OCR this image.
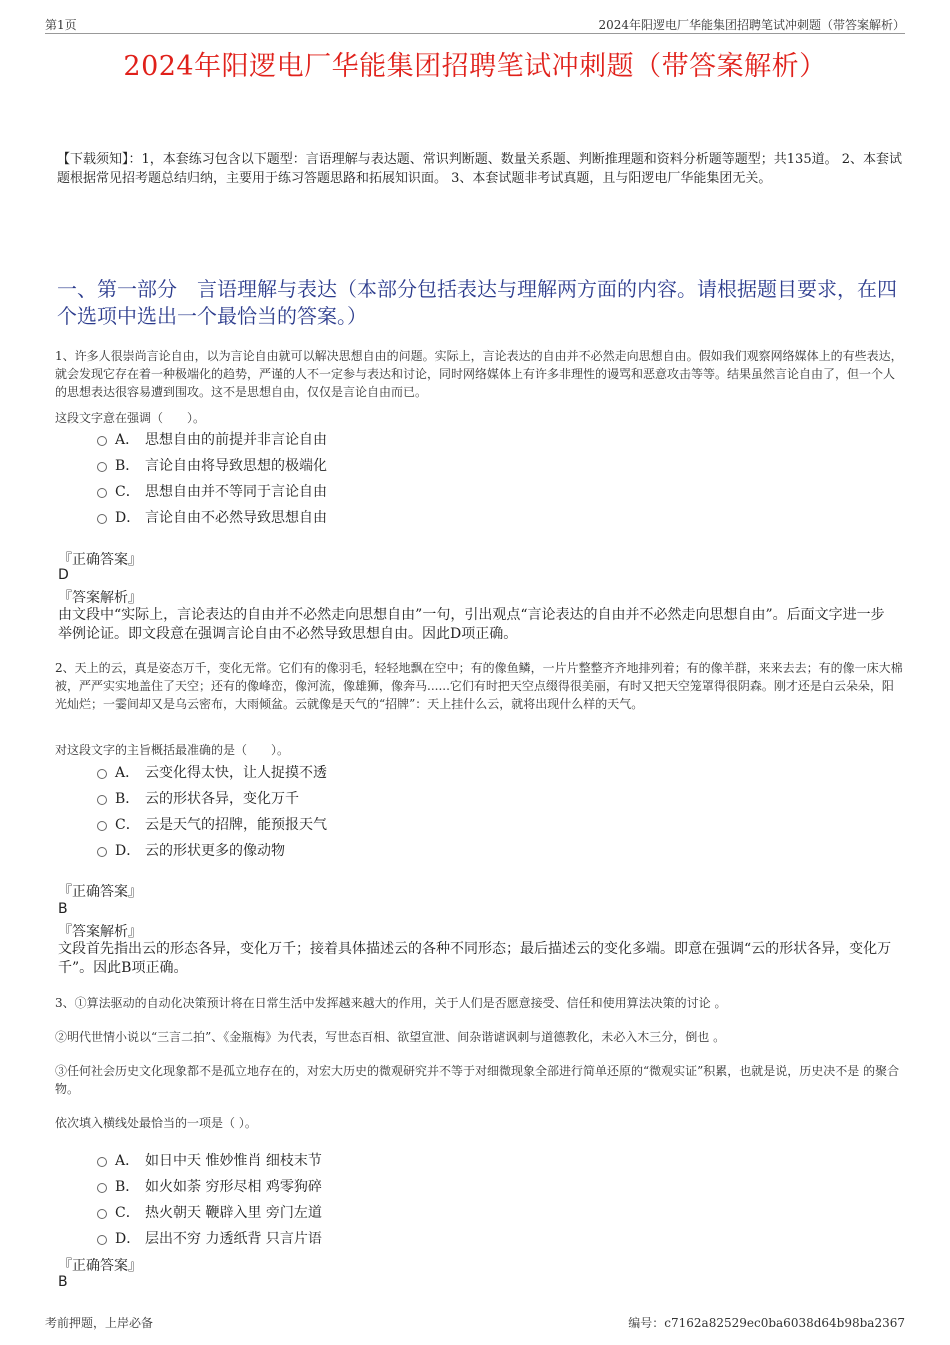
第1页	2024年阳逻电厂华能集团招聘笔试冲刺题（带答案解析）
2024年阳逻电厂华能集团招聘笔试冲刺题（带答案解析）
【下载须知】：1，本套练习包含以下题型：言语理解与表达题、常识判断题、数量关系题、判断推理题和资料分析题等题型；共135道。 2、本套试题根据常见招考题总结归纳，主要用于练习答题思路和拓展知识面。 3、本套试题非考试真题，且与阳逻电厂华能集团无关。
一、第一部分　言语理解与表达（本部分包括表达与理解两方面的内容。请根据题目要求，在四个选项中选出一个最恰当的答案。）
1、许多人很崇尚言论自由，以为言论自由就可以解决思想自由的问题。实际上，言论表达的自由并不必然走向思想自由。假如我们观察网络媒体上的有些表达，就会发现它存在着一种极端化的趋势，严谨的人不一定参与表达和讨论，同时网络媒体上有许多非理性的谩骂和恶意攻击等等。结果虽然言论自由了，但一个人的思想表达很容易遭到围攻。这不是思想自由，仅仅是言论自由而已。
这段文字意在强调（　　）。
A． 思想自由的前提并非言论自由
B． 言论自由将导致思想的极端化
C． 思想自由并不等同于言论自由
D． 言论自由不必然导致思想自由
『正确答案』
D
『答案解析』
由文段中“实际上，言论表达的自由并不必然走向思想自由”一句，引出观点“言论表达的自由并不必然走向思想自由”。后面文字进一步举例论证。即文段意在强调言论自由不必然导致思想自由。因此D项正确。
2、天上的云，真是姿态万千，变化无常。它们有的像羽毛，轻轻地飘在空中；有的像鱼鳞，一片片整整齐齐地排列着；有的像羊群，来来去去；有的像一床大棉被，严严实实地盖住了天空；还有的像峰峦，像河流，像雄狮，像奔马......它们有时把天空点缀得很美丽，有时又把天空笼罩得很阴森。刚才还是白云朵朵，阳光灿烂；一霎间却又是乌云密布，大雨倾盆。云就像是天气的“招牌”：天上挂什么云，就将出现什么样的天气。
对这段文字的主旨概括最准确的是（　　）。
A． 云变化得太快，让人捉摸不透
B． 云的形状各异，变化万千
C． 云是天气的招牌，能预报天气
D． 云的形状更多的像动物
『正确答案』
B
『答案解析』
文段首先指出云的形态各异，变化万千；接着具体描述云的各种不同形态；最后描述云的变化多端。即意在强调“云的形状各异，变化万千”。因此B项正确。
3、①算法驱动的自动化决策预计将在日常生活中发挥越来越大的作用，关于人们是否愿意接受、信任和使用算法决策的讨论 。
②明代世情小说以“三言二拍”、《金瓶梅》为代表，写世态百相、欲望宣泄、间杂谐谑讽刺与道德教化，未必入木三分，倒也 。
③任何社会历史文化现象都不是孤立地存在的，对宏大历史的微观研究并不等于对细微现象全部进行简单还原的“微观实证”积累，也就是说，历史决不是 的聚合物。
依次填入横线处最恰当的一项是（ ）。
A． 如日中天 惟妙惟肖 细枝末节
B． 如火如荼 穷形尽相 鸡零狗碎
C． 热火朝天 鞭辟入里 旁门左道
D． 层出不穷 力透纸背 只言片语
『正确答案』
B
考前押题，上岸必备	编号：c7162a82529ec0ba6038d64b98ba2367
